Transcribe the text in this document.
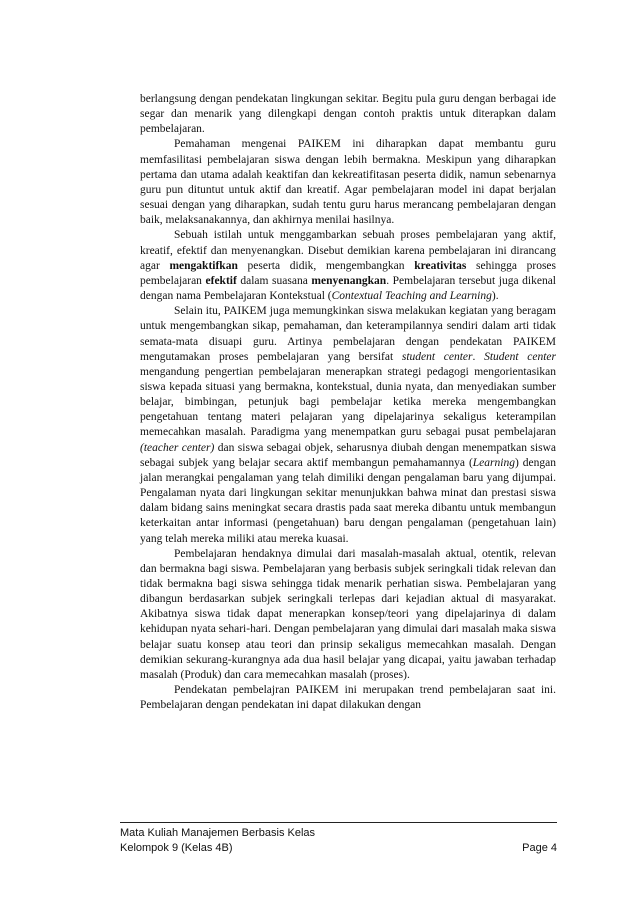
berlangsung dengan pendekatan lingkungan sekitar. Begitu pula guru dengan berbagai ide segar dan menarik yang dilengkapi dengan contoh praktis untuk diterapkan dalam pembelajaran.

Pemahaman mengenai PAIKEM ini diharapkan dapat membantu guru memfasilitasi pembelajaran siswa dengan lebih bermakna. Meskipun yang diharapkan pertama dan utama adalah keaktifan dan kekreatifitasan peserta didik, namun sebenarnya guru pun dituntut untuk aktif dan kreatif. Agar pembelajaran model ini dapat berjalan sesuai dengan yang diharapkan, sudah tentu guru harus merancang pembelajaran dengan baik, melaksanakannya, dan akhirnya menilai hasilnya.

Sebuah istilah untuk menggambarkan sebuah proses pembelajaran yang aktif, kreatif, efektif dan menyenangkan. Disebut demikian karena pembelajaran ini dirancang agar mengaktifkan peserta didik, mengembangkan kreativitas sehingga proses pembelajaran efektif dalam suasana menyenangkan. Pembelajaran tersebut juga dikenal dengan nama Pembelajaran Kontekstual (Contextual Teaching and Learning).

Selain itu, PAIKEM juga memungkinkan siswa melakukan kegiatan yang beragam untuk mengembangkan sikap, pemahaman, dan keterampilannya sendiri dalam arti tidak semata-mata disuapi guru. Artinya pembelajaran dengan pendekatan PAIKEM mengutamakan proses pembelajaran yang bersifat student center. Student center mengandung pengertian pembelajaran menerapkan strategi pedagogi mengorientasikan siswa kepada situasi yang bermakna, kontekstual, dunia nyata, dan menyediakan sumber belajar, bimbingan, petunjuk bagi pembelajar ketika mereka mengembangkan pengetahuan tentang materi pelajaran yang dipelajarinya sekaligus keterampilan memecahkan masalah. Paradigma yang menempatkan guru sebagai pusat pembelajaran (teacher center) dan siswa sebagai objek, seharusnya diubah dengan menempatkan siswa sebagai subjek yang belajar secara aktif membangun pemahamannya (Learning) dengan jalan merangkai pengalaman yang telah dimiliki dengan pengalaman baru yang dijumpai. Pengalaman nyata dari lingkungan sekitar menunjukkan bahwa minat dan prestasi siswa dalam bidang sains meningkat secara drastis pada saat mereka dibantu untuk membangun keterkaitan antar informasi (pengetahuan) baru dengan pengalaman (pengetahuan lain) yang telah mereka miliki atau mereka kuasai.

Pembelajaran hendaknya dimulai dari masalah-masalah aktual, otentik, relevan dan bermakna bagi siswa. Pembelajaran yang berbasis subjek seringkali tidak relevan dan tidak bermakna bagi siswa sehingga tidak menarik perhatian siswa. Pembelajaran yang dibangun berdasarkan subjek seringkali terlepas dari kejadian aktual di masyarakat. Akibatnya siswa tidak dapat menerapkan konsep/teori yang dipelajarinya di dalam kehidupan nyata sehari-hari. Dengan pembelajaran yang dimulai dari masalah maka siswa belajar suatu konsep atau teori dan prinsip sekaligus memecahkan masalah. Dengan demikian sekurang-kurangnya ada dua hasil belajar yang dicapai, yaitu jawaban terhadap masalah (Produk) dan cara memecahkan masalah (proses).

Pendekatan pembelajran PAIKEM ini merupakan trend pembelajaran saat ini. Pembelajaran dengan pendekatan ini dapat dilakukan dengan

Mata Kuliah Manajemen Berbasis Kelas
Kelompok 9 (Kelas 4B)	Page 4
